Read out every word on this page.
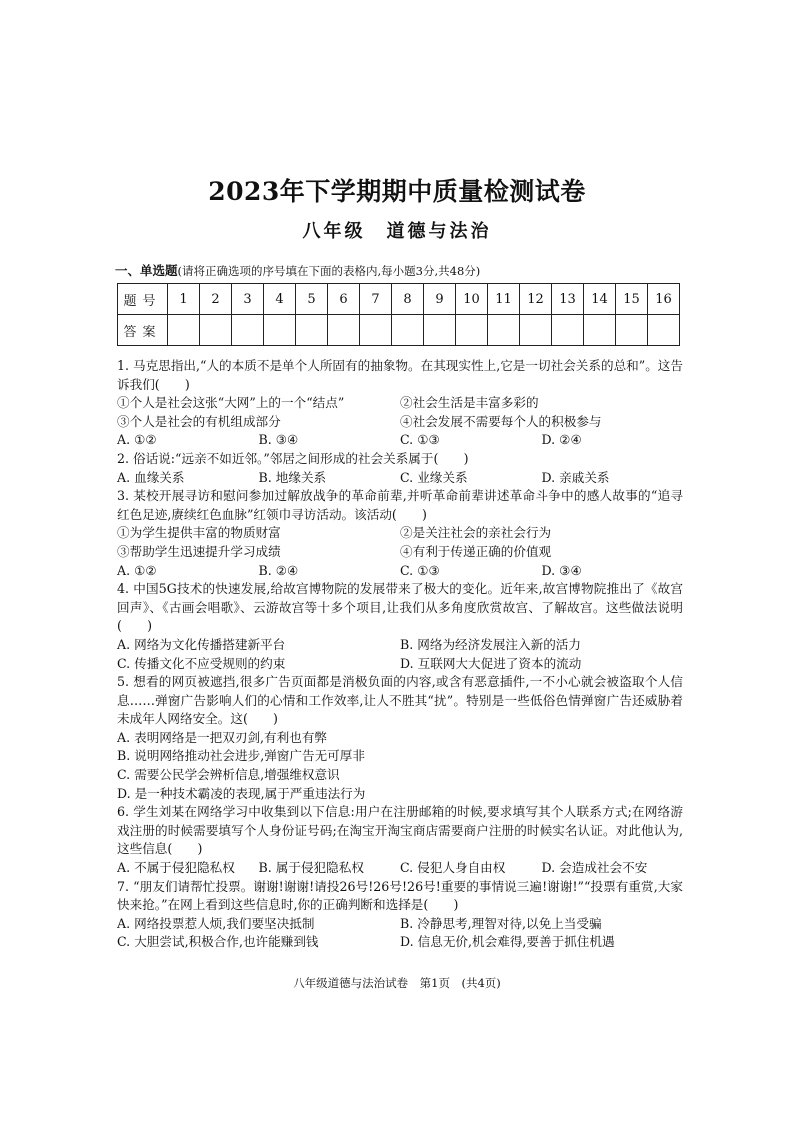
2023年下学期期中质量检测试卷
八年级　道德与法治
一、单选题(请将正确选项的序号填在下面的表格内,每小题3分,共48分)
题号	1	2	3	4	5	6	7	8	9	10	11	12	13	14	15	16
答案																
1. 马克思指出,“人的本质不是单个人所固有的抽象物。在其现实性上,它是一切社会关系的总和”。这告诉我们(　　)
①个人是社会这张“大网”上的一个“结点”	②社会生活是丰富多彩的
③个人是社会的有机组成部分	④社会发展不需要每个人的积极参与
A. ①②	B. ③④	C. ①③	D. ②④
2. 俗话说:“远亲不如近邻。”邻居之间形成的社会关系属于(　　)
A. 血缘关系	B. 地缘关系	C. 业缘关系	D. 亲戚关系
3. 某校开展寻访和慰问参加过解放战争的革命前辈,并听革命前辈讲述革命斗争中的感人故事的“追寻红色足迹,赓续红色血脉”红领巾寻访活动。该活动(　　)
①为学生提供丰富的物质财富	②是关注社会的亲社会行为
③帮助学生迅速提升学习成绩	④有利于传递正确的价值观
A. ①②	B. ②④	C. ①③	D. ③④
4. 中国5G技术的快速发展,给故宫博物院的发展带来了极大的变化。近年来,故宫博物院推出了《故宫回声》、《古画会唱歌》、云游故宫等十多个项目,让我们从多角度欣赏故宫、了解故宫。这些做法说明(　　)
A. 网络为文化传播搭建新平台	B. 网络为经济发展注入新的活力
C. 传播文化不应受规则的约束	D. 互联网大大促进了资本的流动
5. 想看的网页被遮挡,很多广告页面都是消极负面的内容,或含有恶意插件,一不小心就会被盗取个人信息……弹窗广告影响人们的心情和工作效率,让人不胜其“扰”。特别是一些低俗色情弹窗广告还威胁着未成年人网络安全。这(　　)
A. 表明网络是一把双刃剑,有利也有弊
B. 说明网络推动社会进步,弹窗广告无可厚非
C. 需要公民学会辨析信息,增强维权意识
D. 是一种技术霸凌的表现,属于严重违法行为
6. 学生刘某在网络学习中收集到以下信息:用户在注册邮箱的时候,要求填写其个人联系方式;在网络游戏注册的时候需要填写个人身份证号码;在淘宝开淘宝商店需要商户注册的时候实名认证。对此他认为,这些信息(　　)
A. 不属于侵犯隐私权	B. 属于侵犯隐私权	C. 侵犯人身自由权	D. 会造成社会不安
7. “朋友们请帮忙投票。谢谢!谢谢!请投26号!26号!26号!重要的事情说三遍!谢谢!”“投票有重赏,大家快来抢。”在网上看到这些信息时,你的正确判断和选择是(　　)
A. 网络投票惹人烦,我们要坚决抵制	B. 冷静思考,理智对待,以免上当受骗
C. 大胆尝试,积极合作,也许能赚到钱	D. 信息无价,机会难得,要善于抓住机遇
八年级道德与法治试卷　第1页　(共4页)
